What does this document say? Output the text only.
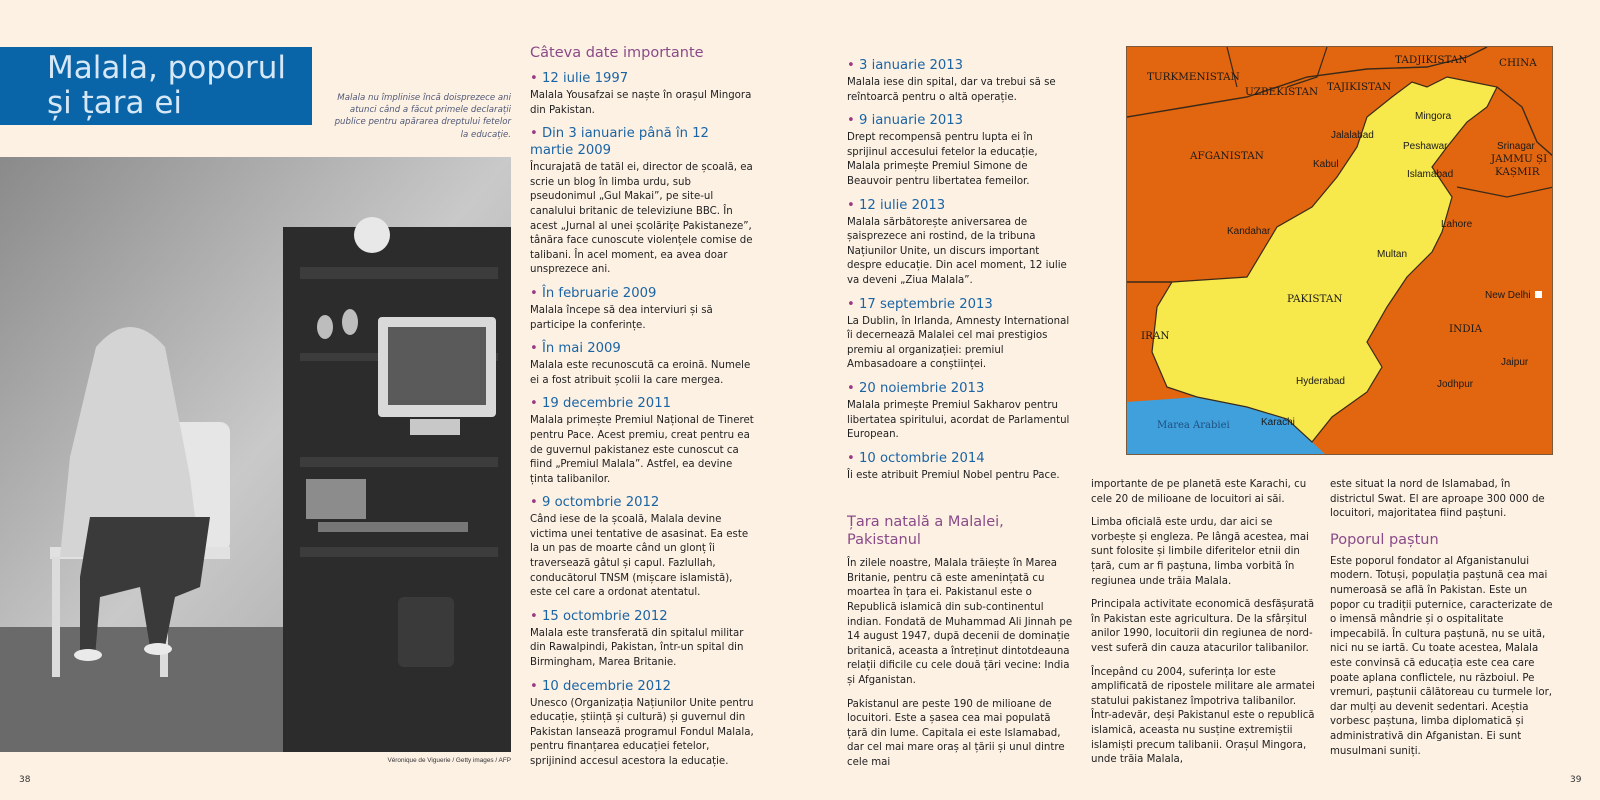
Malala, poporul
și țara ei	Malala nu împlinise încă doisprezece ani atunci când a făcut primele declarații publice pentru apărarea dreptului fetelor la educație.
Véronique de Viguerie / Getty images / AFP
38	39
Câteva date importante
• 12 iulie 1997

Malala Yousafzai se naște în orașul Mingora din Pakistan.

• Din 3 ianuarie până în 12 martie 2009

Încurajată de tatăl ei, director de școală, ea scrie un blog în limba urdu, sub pseudonimul „Gul Makai”, pe site-ul canalului britanic de televiziune BBC. În acest „Jurnal al unei școlărițe Pakistaneze”, tânăra face cunoscute violențele comise de talibani. În acel moment, ea avea doar unsprezece ani.

• În februarie 2009

Malala începe să dea interviuri și să participe la conferințe.

• În mai 2009

Malala este recunoscută ca eroină. Numele ei a fost atribuit școlii la care mergea.

• 19 decembrie 2011

Malala primește Premiul Național de Tineret pentru Pace. Acest premiu, creat pentru ea de guvernul pakistanez este cunoscut ca fiind „Premiul Malala”. Astfel, ea devine ținta talibanilor.

• 9 octombrie 2012

Când iese de la școală, Malala devine victima unei tentative de asasinat. Ea este la un pas de moarte când un glonț îi traversează gâtul și capul. Fazlullah, conducătorul TNSM (mișcare islamistă), este cel care a ordonat atentatul.

• 15 octombrie 2012

Malala este transferată din spitalul militar din Rawalpindi, Pakistan, într-un spital din Birmingham, Marea Britanie.

• 10 decembrie 2012

Unesco (Organizația Națiunilor Unite pentru educație, știință și cultură) și guvernul din Pakistan lansează programul Fondul Malala, pentru finanțarea educației fetelor, sprijinind accesul acestora la educație.

• 3 ianuarie 2013

Malala iese din spital, dar va trebui să se reîntoarcă pentru o altă operație.

• 9 ianuarie 2013

Drept recompensă pentru lupta ei în sprijinul accesului fetelor la educație, Malala primește Premiul Simone de Beauvoir pentru libertatea femeilor.

• 12 iulie 2013

Malala sărbătorește aniversarea de șaisprezece ani rostind, de la tribuna Națiunilor Unite, un discurs important despre educație. Din acel moment, 12 iulie va deveni „Ziua Malala”.

• 17 septembrie 2013

La Dublin, în Irlanda, Amnesty International îi decernează Malalei cel mai prestigios premiu al organizației: premiul Ambasadoare a conștiinței.

• 20 noiembrie 2013

Malala primește Premiul Sakharov pentru libertatea spiritului, acordat de Parlamentul European.

• 10 octombrie 2014

Îi este atribuit Premiul Nobel pentru Pace.

Țara natală a Malalei, Pakistanul
În zilele noastre, Malala trăiește în Marea Britanie, pentru că este amenințată cu moartea în țara ei. Pakistanul este o Republică islamică din sub-continentul indian. Fondată de Muhammad Ali Jinnah pe 14 august 1947, după decenii de dominație britanică, aceasta a întreținut dintotdeauna relații dificile cu cele două țări vecine: India și Afganistan.
Pakistanul are peste 190 de milioane de locuitori. Este a șasea cea mai populată țară din lume. Capitala ei este Islamabad, dar cel mai mare oraș al țării și unul dintre cele mai
importante de pe planetă este Karachi, cu cele 20 de milioane de locuitori ai săi.
Limba oficială este urdu, dar aici se vorbește și engleza. Pe lângă acestea, mai sunt folosite și limbile diferitelor etnii din țară, cum ar fi paștuna, limba vorbită în regiunea unde trăia Malala.
Principala activitate economică desfășurată în Pakistan este agricultura. De la sfârșitul anilor 1990, locuitorii din regiunea de nord-vest suferă din cauza atacurilor talibanilor.
Începând cu 2004, suferința lor este amplificată de ripostele militare ale armatei statului pakistanez împotriva talibanilor. Într-adevăr, deși Pakistanul este o republică islamică, aceasta nu susține extremiștii islamiști precum talibanii. Orașul Mingora, unde trăia Malala,
este situat la nord de Islamabad, în districtul Swat. El are aproape 300 000 de locuitori, majoritatea fiind paștuni.
Poporul paștun
Este poporul fondator al Afganistanului modern. Totuși, populația paștună cea mai numeroasă se află în Pakistan. Este un popor cu tradiții puternice, caracterizate de o imensă mândrie și o ospitalitate impecabilă. În cultura paștună, nu se uită, nici nu se iartă. Cu toate acestea, Malala este convinsă că educația este cea care poate aplana conflictele, nu războiul. Pe vremuri, paștunii călătoreau cu turmele lor, dar mulți au devenit sedentari. Aceștia vorbesc paștuna, limba diplomatică și administrativă din Afganistan. Ei sunt musulmani suniți.
TURKMENISTAN
UZBEKISTAN
TADJIKISTAN	CHINA
TAJIKISTAN
AFGANISTAN	JAMMU ȘI
KAȘMIR
PAKISTAN
IRAN
INDIA
Mingora
Jalalabad
Peshawar	Srinagar
Kabul
Islamabad
Lahore
Kandahar
Multan
New Delhi
Jaipur
Hyderabad	Jodhpur
Karachi
Marea Arabiei
